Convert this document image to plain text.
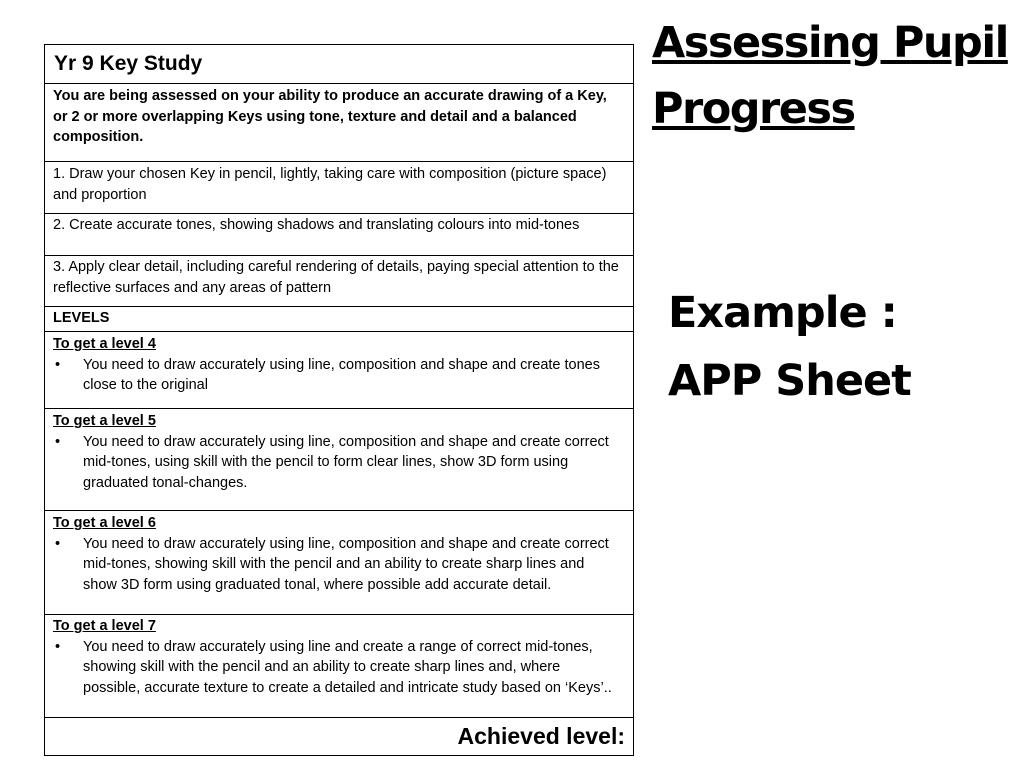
Yr 9 Key Study
You are being assessed on your ability to produce an accurate drawing of a Key, or 2 or more overlapping Keys using tone, texture and detail and a balanced composition.
1. Draw your chosen Key in pencil, lightly, taking care with composition (picture space) and proportion
2. Create accurate tones, showing shadows and translating colours into mid-tones
3. Apply clear detail, including careful rendering of details, paying special attention to the reflective surfaces and any areas of pattern
LEVELS

To get a level 4
• You need to draw accurately using line, composition and shape and create tones close to the original

To get a level 5
• You need to draw accurately using line, composition and shape and create correct mid-tones, using skill with the pencil to form clear lines, show 3D form using graduated tonal-changes.

To get a level 6
• You need to draw accurately using line, composition and shape and create correct mid-tones, showing skill with the pencil and an ability to create sharp lines and show 3D form using graduated tonal, where possible add accurate detail.

To get a level 7
• You need to draw accurately using line and create a range of correct mid-tones, showing skill with the pencil and an ability to create sharp lines and, where possible, accurate texture to create a detailed and intricate study based on ‘Keys’..

Achieved level:
Assessing Pupil
Progress
Example :
APP Sheet
